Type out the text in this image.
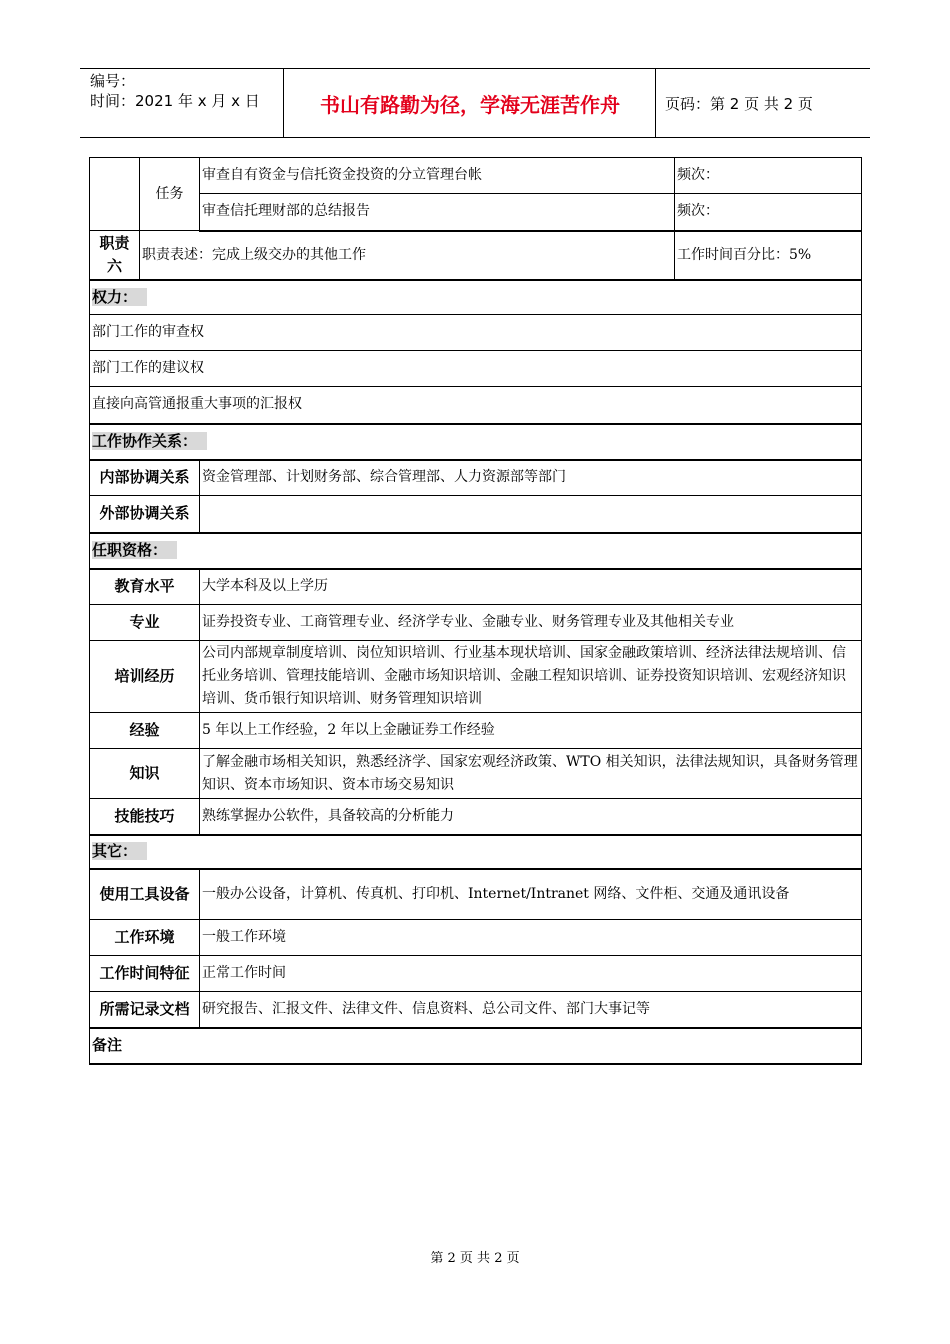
编号：
时间：2021 年 x 月 x 日	书山有路勤为径，学海无涯苦作舟	页码：第 2 页 共 2 页
	任务	审查自有资金与信托资金投资的分立管理台帐	频次：
		审查信托理财部的总结报告	频次：

职责
六	职责表述：完成上级交办的其他工作		工作时间百分比：5%
权力：			
部门工作的审查权			
部门工作的建议权			
直接向高管通报重大事项的汇报权			
工作协作关系：			
内部协调关系		资金管理部、计划财务部、综合管理部、人力资源部等部门	
外部协调关系			
任职资格：			
教育水平		大学本科及以上学历	
专业		证券投资专业、工商管理专业、经济学专业、金融专业、财务管理专业及其他相关专业	
培训经历		公司内部规章制度培训、岗位知识培训、行业基本现状培训、国家金融政策培训、经济法律法规培训、信托业务培训、管理技能培训、金融市场知识培训、金融工程知识培训、证券投资知识培训、宏观经济知识培训、货币银行知识培训、财务管理知识培训	
经验		5 年以上工作经验，2 年以上金融证券工作经验	
知识		了解金融市场相关知识，熟悉经济学、国家宏观经济政策、WTO 相关知识，法律法规知识，具备财务管理知识、资本市场知识、资本市场交易知识	
技能技巧		熟练掌握办公软件，具备较高的分析能力	
其它：			
使用工具设备		一般办公设备，计算机、传真机、打印机、Internet/Intranet 网络、文件柜、交通及通讯设备	
工作环境		一般工作环境	
工作时间特征		正常工作时间	
所需记录文档		研究报告、汇报文件、法律文件、信息资料、总公司文件、部门大事记等	
备注			
第 2 页 共 2 页
